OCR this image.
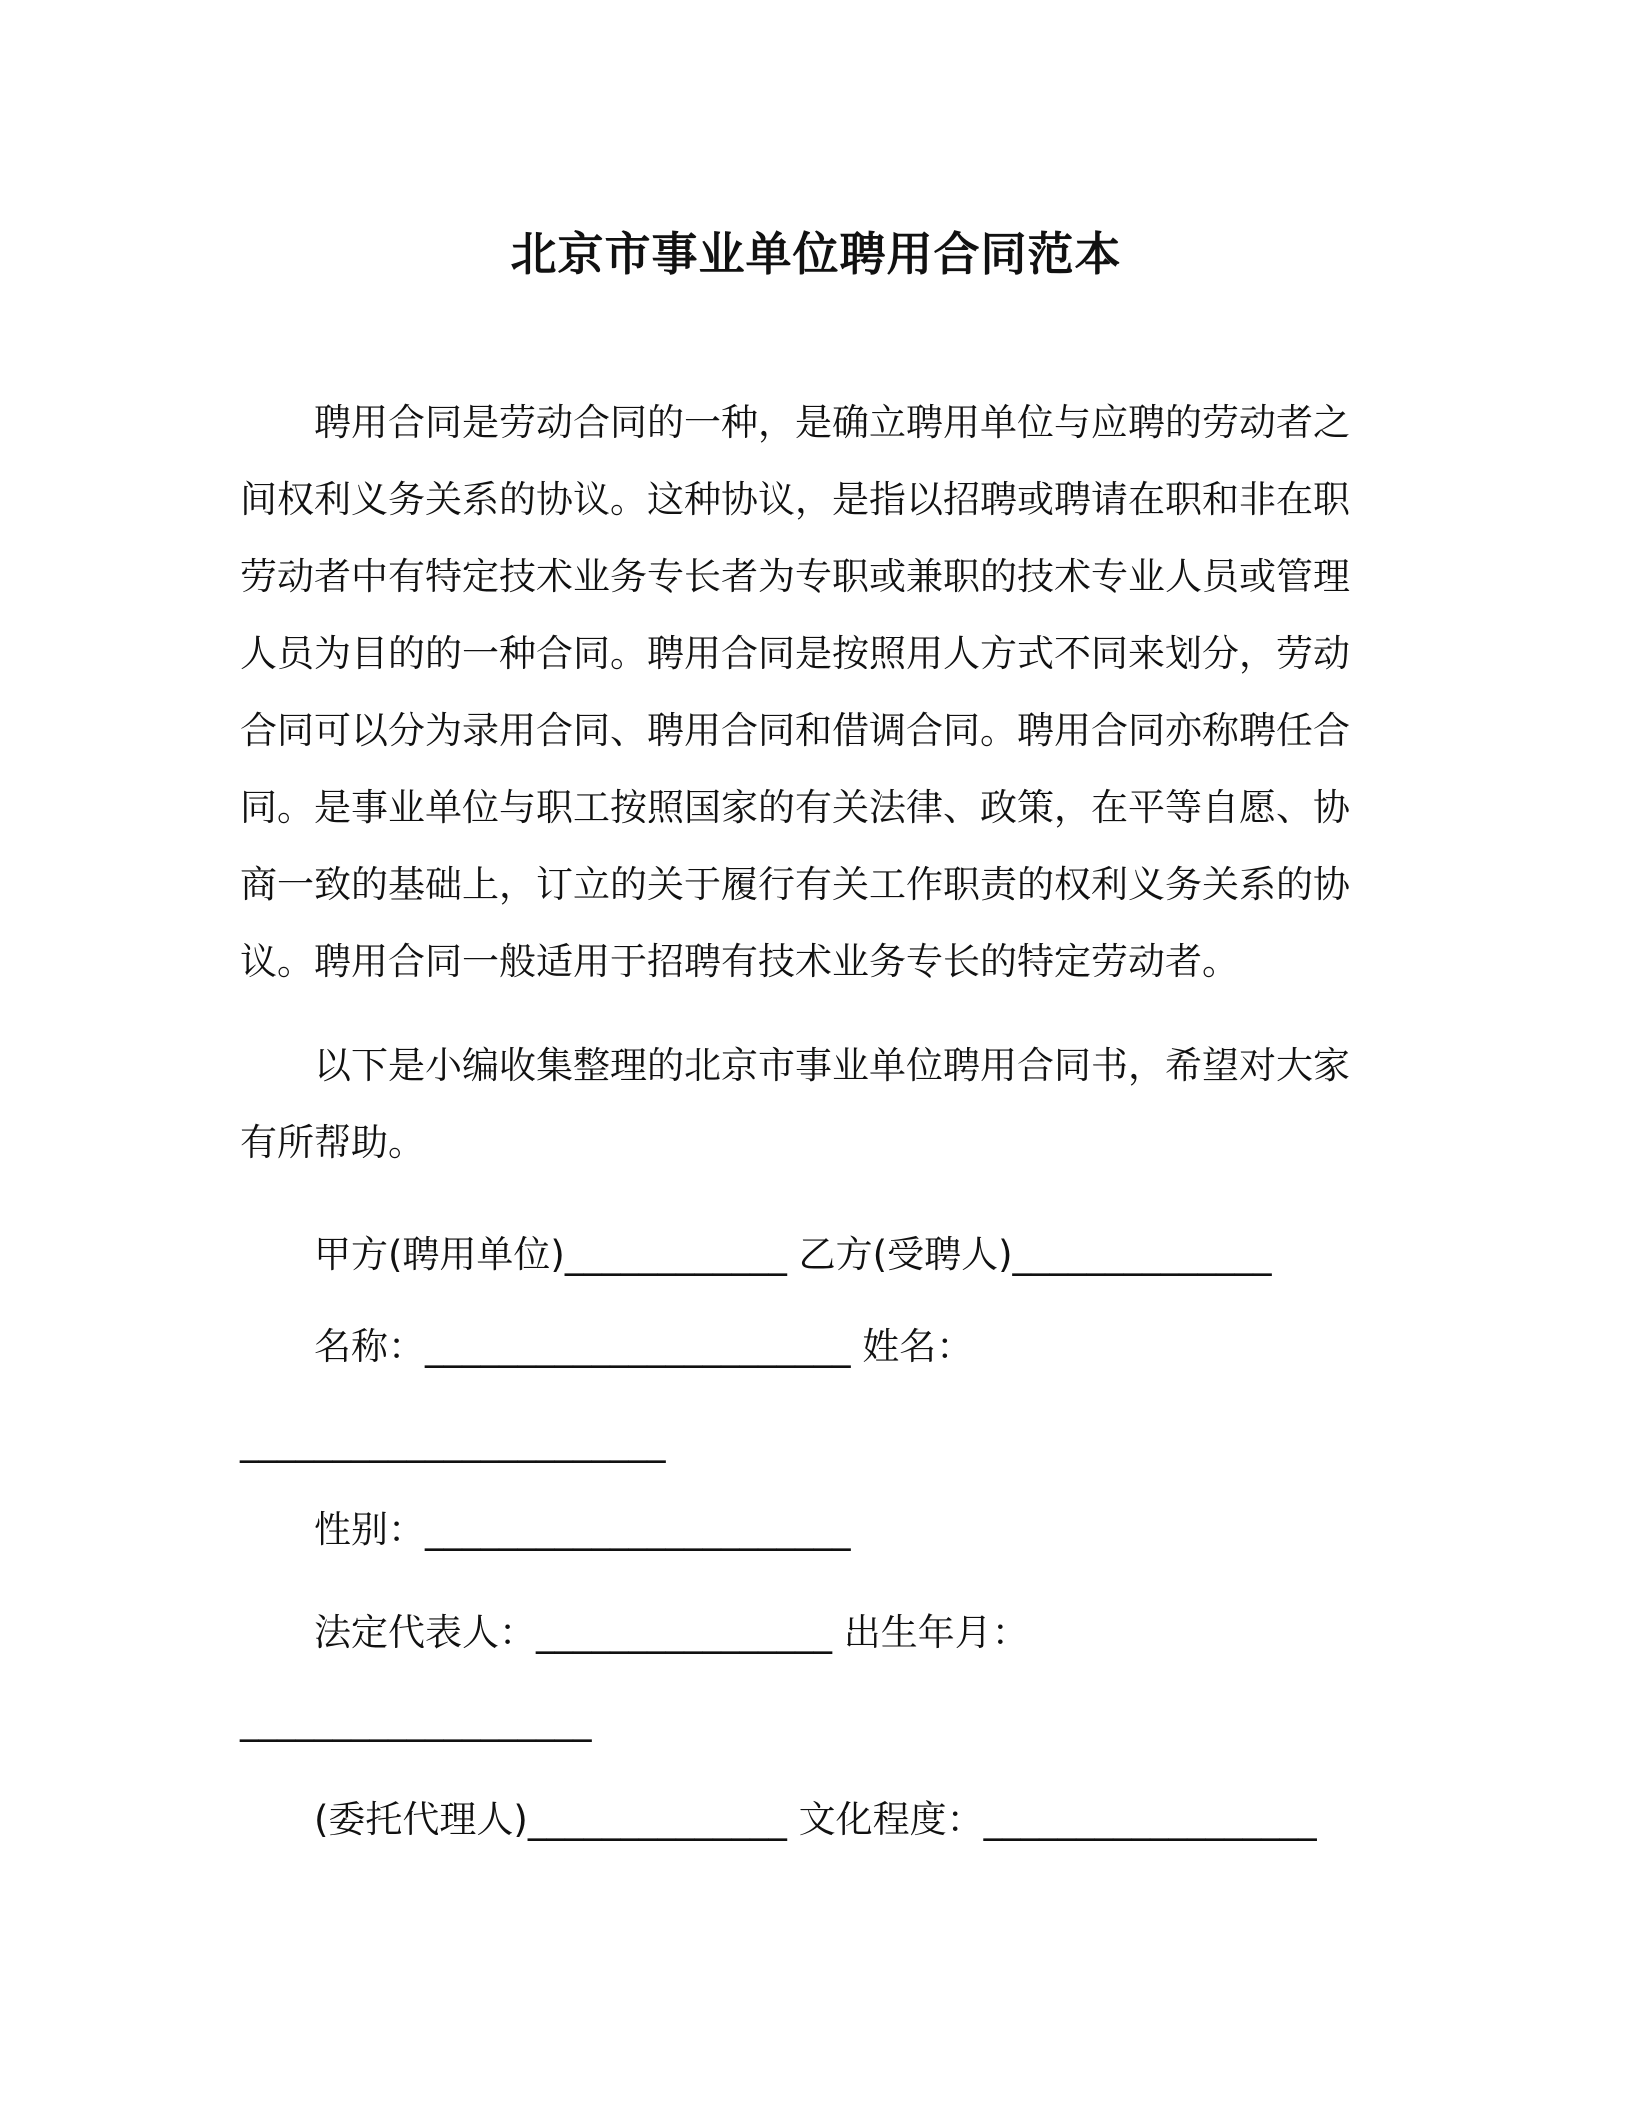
北京市事业单位聘用合同范本

聘用合同是劳动合同的一种，是确立聘用单位与应聘的劳动者之间权利义务关系的协议。这种协议，是指以招聘或聘请在职和非在职劳动者中有特定技术业务专长者为专职或兼职的技术专业人员或管理人员为目的的一种合同。聘用合同是按照用人方式不同来划分，劳动合同可以分为录用合同、聘用合同和借调合同。聘用合同亦称聘任合同。是事业单位与职工按照国家的有关法律、政策，在平等自愿、协商一致的基础上，订立的关于履行有关工作职责的权利义务关系的协议。聘用合同一般适用于招聘有技术业务专长的特定劳动者。

以下是小编收集整理的北京市事业单位聘用合同书，希望对大家有所帮助。

甲方(聘用单位)____________ 乙方(受聘人)______________
名称：_______________________ 姓名：
_______________________
性别：_______________________
法定代表人：________________ 出生年月：
___________________
(委托代理人)______________ 文化程度：__________________
